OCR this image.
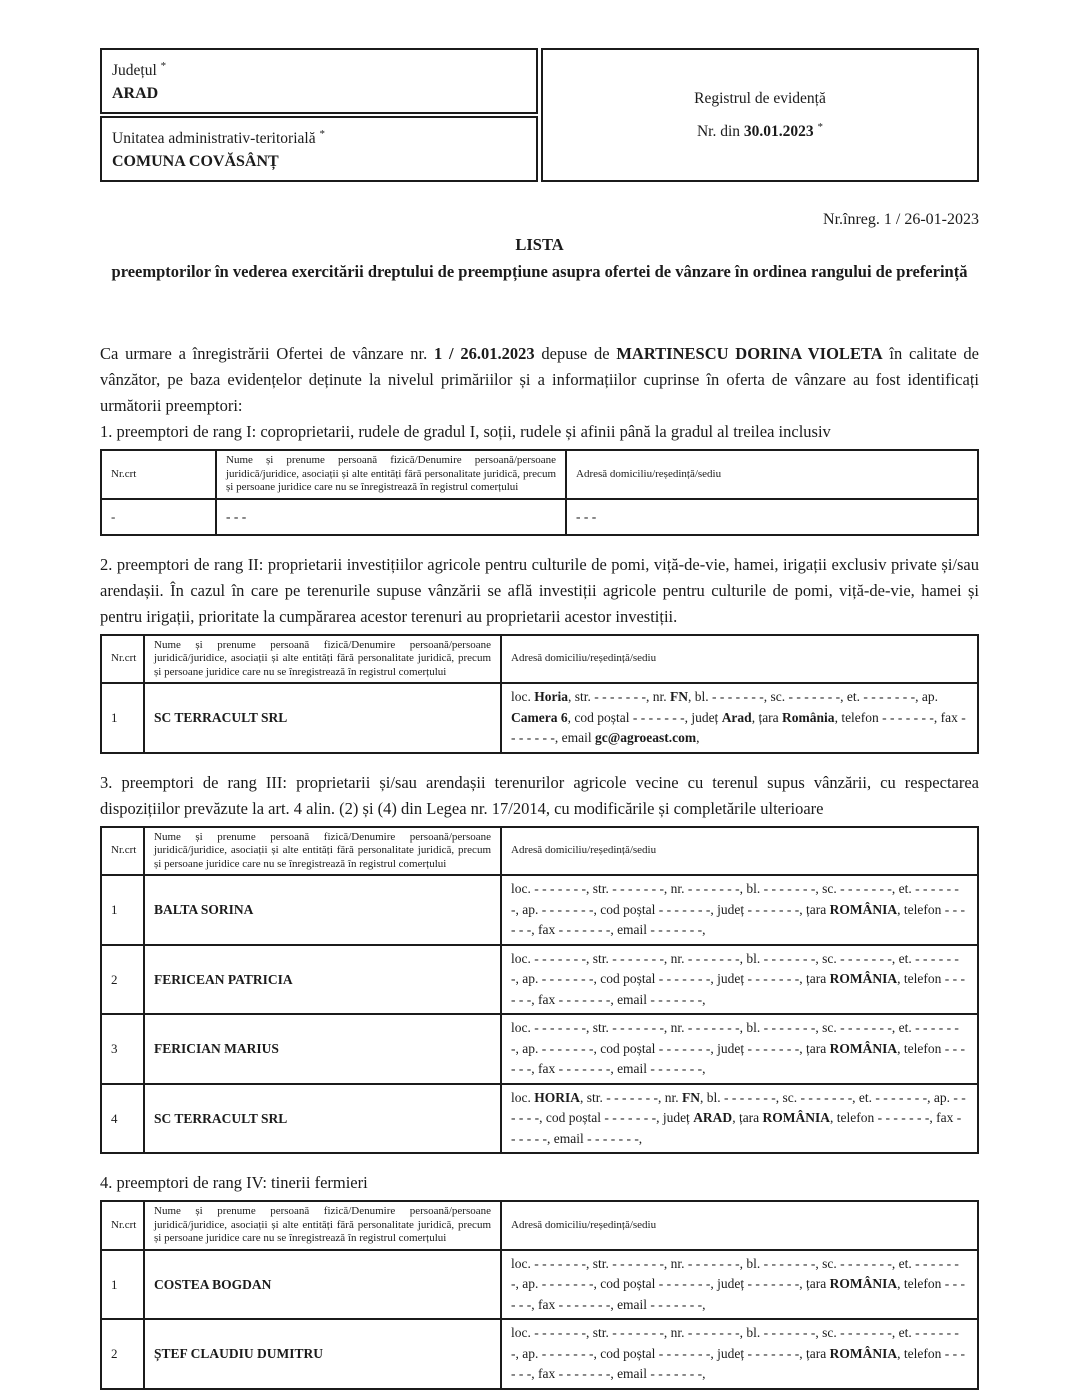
Județul *
ARAD
Unitatea administrativ-teritorială *
COMUNA COVĂSÂNȚ
Registrul de evidență
Nr. din 30.01.2023 *
Nr.înreg. 1 / 26-01-2023
LISTA
preemptorilor în vederea exercitării dreptului de preempțiune asupra ofertei de vânzare în ordinea rangului de preferință

Ca urmare a înregistrării Ofertei de vânzare nr. 1 / 26.01.2023 depuse de MARTINESCU DORINA VIOLETA în calitate de vânzător, pe baza evidențelor deținute la nivelul primăriilor și a informațiilor cuprinse în oferta de vânzare au fost identificați următorii preemptori:

1. preemptori de rang I: coproprietarii, rudele de gradul I, soții, rudele și afinii până la gradul al treilea inclusiv

Nr.crt	Nume și prenume persoană fizică/Denumire persoană/persoane juridică/juridice, asociații și alte entități fără personalitate juridică, precum și persoane juridice care nu se înregistrează în registrul comerțului	Adresă domiciliu/reședință/sediu
-	- - -	- - -

2. preemptori de rang II: proprietarii investițiilor agricole pentru culturile de pomi, viță-de-vie, hamei, irigații exclusiv private și/sau arendașii. În cazul în care pe terenurile supuse vânzării se află investiții agricole pentru culturile de pomi, viță-de-vie, hamei și pentru irigații, prioritate la cumpărarea acestor terenuri au proprietarii acestor investiții.

Nr.crt	Nume și prenume persoană fizică/Denumire persoană/persoane juridică/juridice, asociații și alte entități fără personalitate juridică, precum și persoane juridice care nu se înregistrează în registrul comerțului	Adresă domiciliu/reședință/sediu
1	SC TERRACULT SRL	loc. Horia, str. - - - - - - -, nr. FN, bl. - - - - - - -, sc. - - - - - - -, et. - - - - - - -, ap. Camera 6, cod poștal - - - - - - -, județ Arad, țara România, telefon - - - - - - -, fax - - - - - - -, email gc@agroeast.com,

3. preemptori de rang III: proprietarii și/sau arendașii terenurilor agricole vecine cu terenul supus vânzării, cu respectarea dispozițiilor prevăzute la art. 4 alin. (2) și (4) din Legea nr. 17/2014, cu modificările și completările ulterioare

Nr.crt	Nume și prenume persoană fizică/Denumire persoană/persoane juridică/juridice, asociații și alte entități fără personalitate juridică, precum și persoane juridice care nu se înregistrează în registrul comerțului	Adresă domiciliu/reședință/sediu
1	BALTA SORINA	loc. - - - - - - -, str. - - - - - - -, nr. - - - - - - -, bl. - - - - - - -, sc. - - - - - - -, et. - - - - - - -, ap. - - - - - - -, cod poștal - - - - - - -, județ - - - - - - -, țara ROMÂNIA, telefon - - - - - -, fax - - - - - - -, email - - - - - - -,
2	FERICEAN PATRICIA	loc. - - - - - - -, str. - - - - - - -, nr. - - - - - - -, bl. - - - - - - -, sc. - - - - - - -, et. - - - - - - -, ap. - - - - - - -, cod poștal - - - - - - -, județ - - - - - - -, țara ROMÂNIA, telefon - - - - - -, fax - - - - - - -, email - - - - - - -,
3	FERICIAN MARIUS	loc. - - - - - - -, str. - - - - - - -, nr. - - - - - - -, bl. - - - - - - -, sc. - - - - - - -, et. - - - - - - -, ap. - - - - - - -, cod poștal - - - - - - -, județ - - - - - - -, țara ROMÂNIA, telefon - - - - - -, fax - - - - - - -, email - - - - - - -,
4	SC TERRACULT SRL	loc. HORIA, str. - - - - - - -, nr. FN, bl. - - - - - - -, sc. - - - - - - -, et. - - - - - - -, ap. - - - - - -, cod poștal - - - - - - -, județ ARAD, țara ROMÂNIA, telefon - - - - - - -, fax - - - - - -, email - - - - - - -,

4. preemptori de rang IV: tinerii fermieri

Nr.crt	Nume și prenume persoană fizică/Denumire persoană/persoane juridică/juridice, asociații și alte entități fără personalitate juridică, precum și persoane juridice care nu se înregistrează în registrul comerțului	Adresă domiciliu/reședință/sediu
1	COSTEA BOGDAN	loc. - - - - - - -, str. - - - - - - -, nr. - - - - - - -, bl. - - - - - - -, sc. - - - - - - -, et. - - - - - - -, ap. - - - - - - -, cod poștal - - - - - - -, județ - - - - - - -, țara ROMÂNIA, telefon - - - - - -, fax - - - - - - -, email - - - - - - -,
2	ȘTEF CLAUDIU DUMITRU	loc. - - - - - - -, str. - - - - - - -, nr. - - - - - - -, bl. - - - - - - -, sc. - - - - - - -, et. - - - - - - -, ap. - - - - - - -, cod poștal - - - - - - -, județ - - - - - - -, țara ROMÂNIA, telefon - - - - - -, fax - - - - - - -, email - - - - - - -,
